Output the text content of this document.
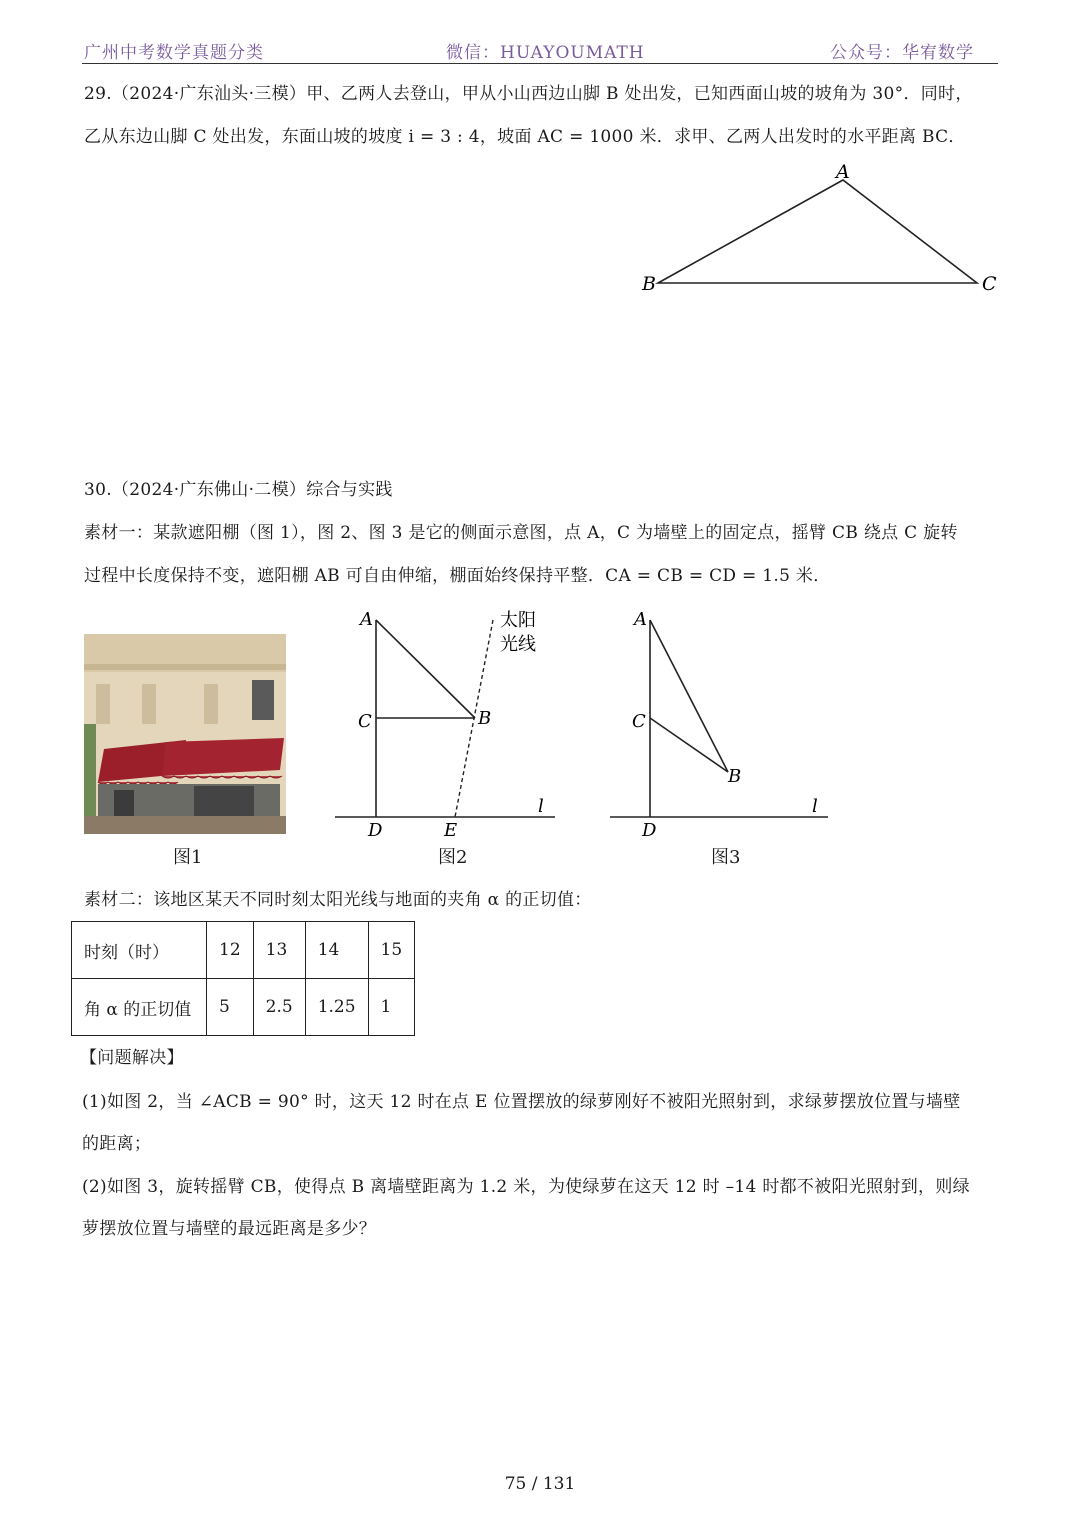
广州中考数学真题分类	微信：HUAYOUMATH	公众号：华宥数学
29.（2024·广东汕头·三模）甲、乙两人去登山，甲从小山西边山脚 B 处出发，已知西面山坡的坡角为 30°．同时，
乙从东边山脚 C 处出发，东面山坡的坡度 i = 3 : 4，坡面 AC = 1000 米．求甲、乙两人出发时的水平距离 BC．
A
B	C
30.（2024·广东佛山·二模）综合与实践
素材一：某款遮阳棚（图 1），图 2、图 3 是它的侧面示意图，点 A，C 为墙壁上的固定点，摇臂 CB 绕点 C 旋转
过程中长度保持不变，遮阳棚 AB 可自由伸缩，棚面始终保持平整．CA = CB = CD = 1.5 米．
图1
A
C	B
D	E
l
太阳
光线
图2
A
C
B
D
l
图3
素材二：该地区某天不同时刻太阳光线与地面的夹角 α 的正切值：
时刻（时）	12	13	14	15
角 α 的正切值	5	2.5	1.25	1
【问题解决】
(1)如图 2，当 ∠ACB = 90° 时，这天 12 时在点 E 位置摆放的绿萝刚好不被阳光照射到，求绿萝摆放位置与墙壁
的距离；
(2)如图 3，旋转摇臂 CB，使得点 B 离墙壁距离为 1.2 米，为使绿萝在这天 12 时 –14 时都不被阳光照射到，则绿
萝摆放位置与墙壁的最远距离是多少？
75 / 131
